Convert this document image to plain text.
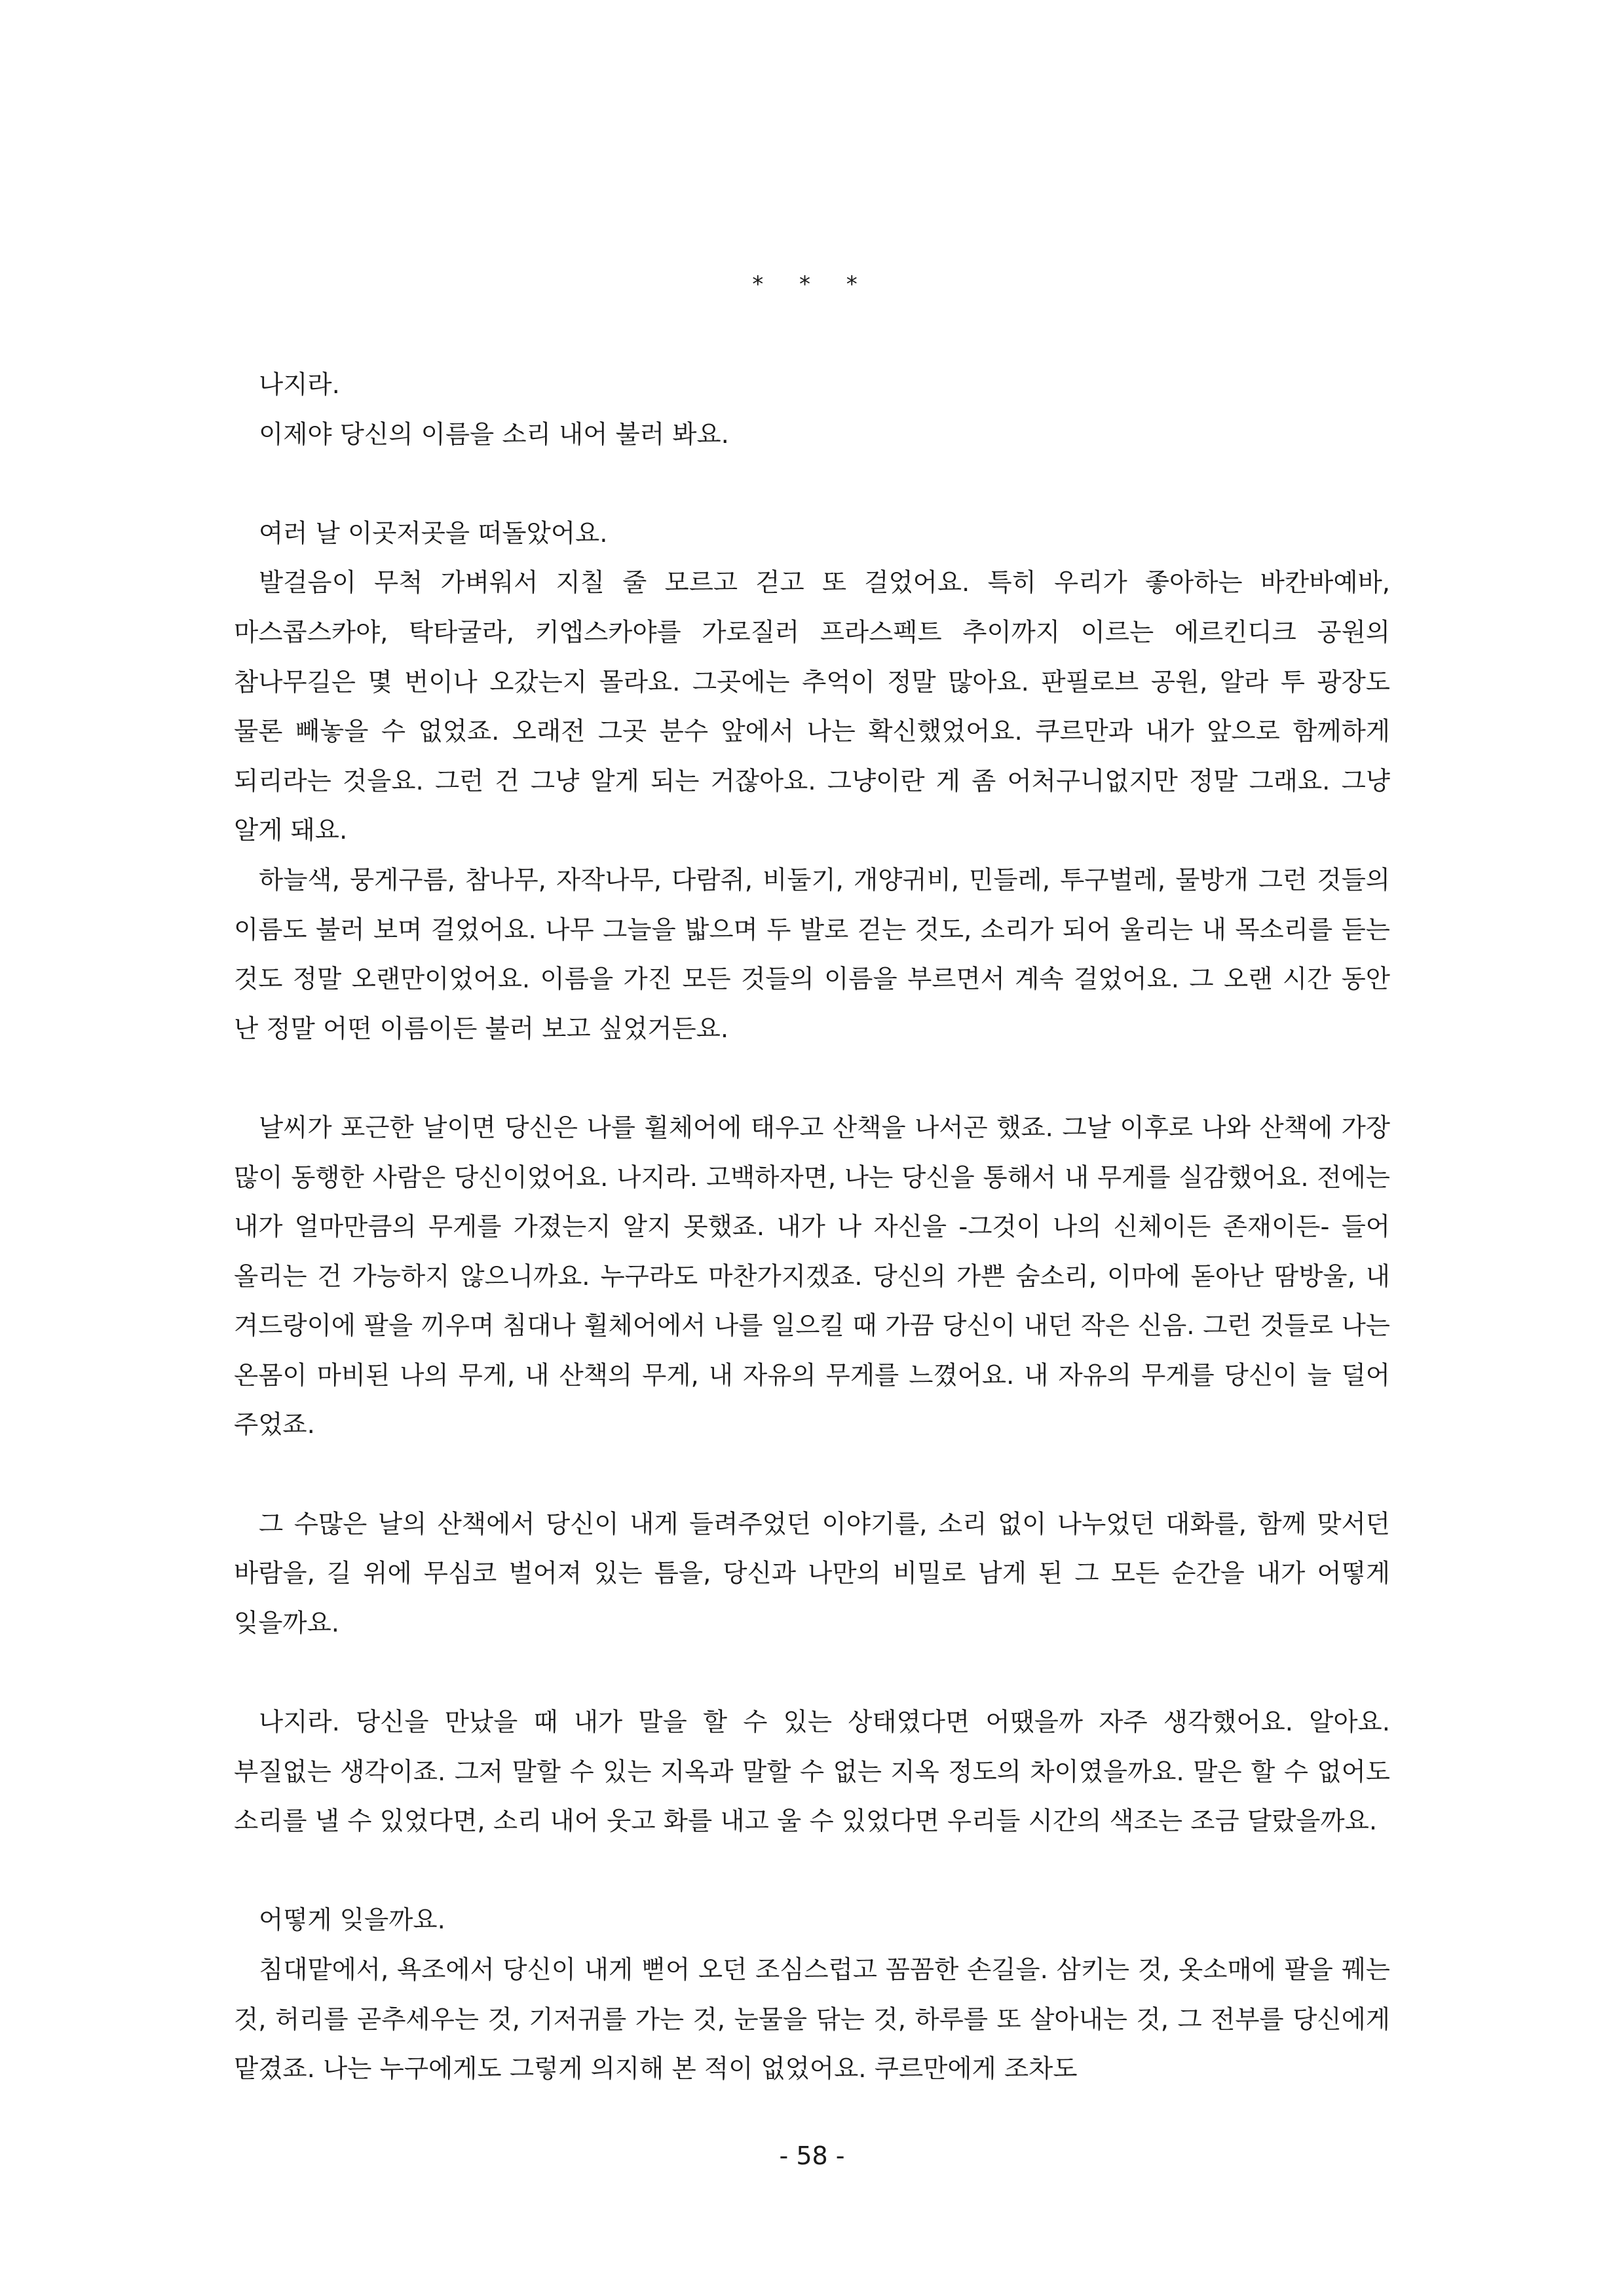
* * *

나지라.

이제야 당신의 이름을 소리 내어 불러 봐요.

여러 날 이곳저곳을 떠돌았어요.

발걸음이 무척 가벼워서 지칠 줄 모르고 걷고 또 걸었어요. 특히 우리가 좋아하는 바칸바예바, 마스콥스카야, 탁타굴라, 키엡스카야를 가로질러 프라스펙트 추이까지 이르는 에르킨디크 공원의 참나무길은 몇 번이나 오갔는지 몰라요. 그곳에는 추억이 정말 많아요. 판필로브 공원, 알라 투 광장도 물론 빼놓을 수 없었죠. 오래전 그곳 분수 앞에서 나는 확신했었어요. 쿠르만과 내가 앞으로 함께하게 되리라는 것을요. 그런 건 그냥 알게 되는 거잖아요. 그냥이란 게 좀 어처구니없지만 정말 그래요. 그냥 알게 돼요.

하늘색, 뭉게구름, 참나무, 자작나무, 다람쥐, 비둘기, 개양귀비, 민들레, 투구벌레, 물방개 그런 것들의 이름도 불러 보며 걸었어요. 나무 그늘을 밟으며 두 발로 걷는 것도, 소리가 되어 울리는 내 목소리를 듣는 것도 정말 오랜만이었어요. 이름을 가진 모든 것들의 이름을 부르면서 계속 걸었어요. 그 오랜 시간 동안 난 정말 어떤 이름이든 불러 보고 싶었거든요.

날씨가 포근한 날이면 당신은 나를 휠체어에 태우고 산책을 나서곤 했죠. 그날 이후로 나와 산책에 가장 많이 동행한 사람은 당신이었어요. 나지라. 고백하자면, 나는 당신을 통해서 내 무게를 실감했어요. 전에는 내가 얼마만큼의 무게를 가졌는지 알지 못했죠. 내가 나 자신을 -그것이 나의 신체이든 존재이든- 들어 올리는 건 가능하지 않으니까요. 누구라도 마찬가지겠죠. 당신의 가쁜 숨소리, 이마에 돋아난 땀방울, 내 겨드랑이에 팔을 끼우며 침대나 휠체어에서 나를 일으킬 때 가끔 당신이 내던 작은 신음. 그런 것들로 나는 온몸이 마비된 나의 무게, 내 산책의 무게, 내 자유의 무게를 느꼈어요. 내 자유의 무게를 당신이 늘 덜어 주었죠.

그 수많은 날의 산책에서 당신이 내게 들려주었던 이야기를, 소리 없이 나누었던 대화를, 함께 맞서던 바람을, 길 위에 무심코 벌어져 있는 틈을, 당신과 나만의 비밀로 남게 된 그 모든 순간을 내가 어떻게 잊을까요.

나지라. 당신을 만났을 때 내가 말을 할 수 있는 상태였다면 어땠을까 자주 생각했어요. 알아요. 부질없는 생각이죠. 그저 말할 수 있는 지옥과 말할 수 없는 지옥 정도의 차이였을까요. 말은 할 수 없어도 소리를 낼 수 있었다면, 소리 내어 웃고 화를 내고 울 수 있었다면 우리들 시간의 색조는 조금 달랐을까요.

어떻게 잊을까요.

침대맡에서, 욕조에서 당신이 내게 뻗어 오던 조심스럽고 꼼꼼한 손길을. 삼키는 것, 옷소매에 팔을 꿰는 것, 허리를 곧추세우는 것, 기저귀를 가는 것, 눈물을 닦는 것, 하루를 또 살아내는 것, 그 전부를 당신에게 맡겼죠. 나는 누구에게도 그렇게 의지해 본 적이 없었어요. 쿠르만에게 조차도

- 58 -
